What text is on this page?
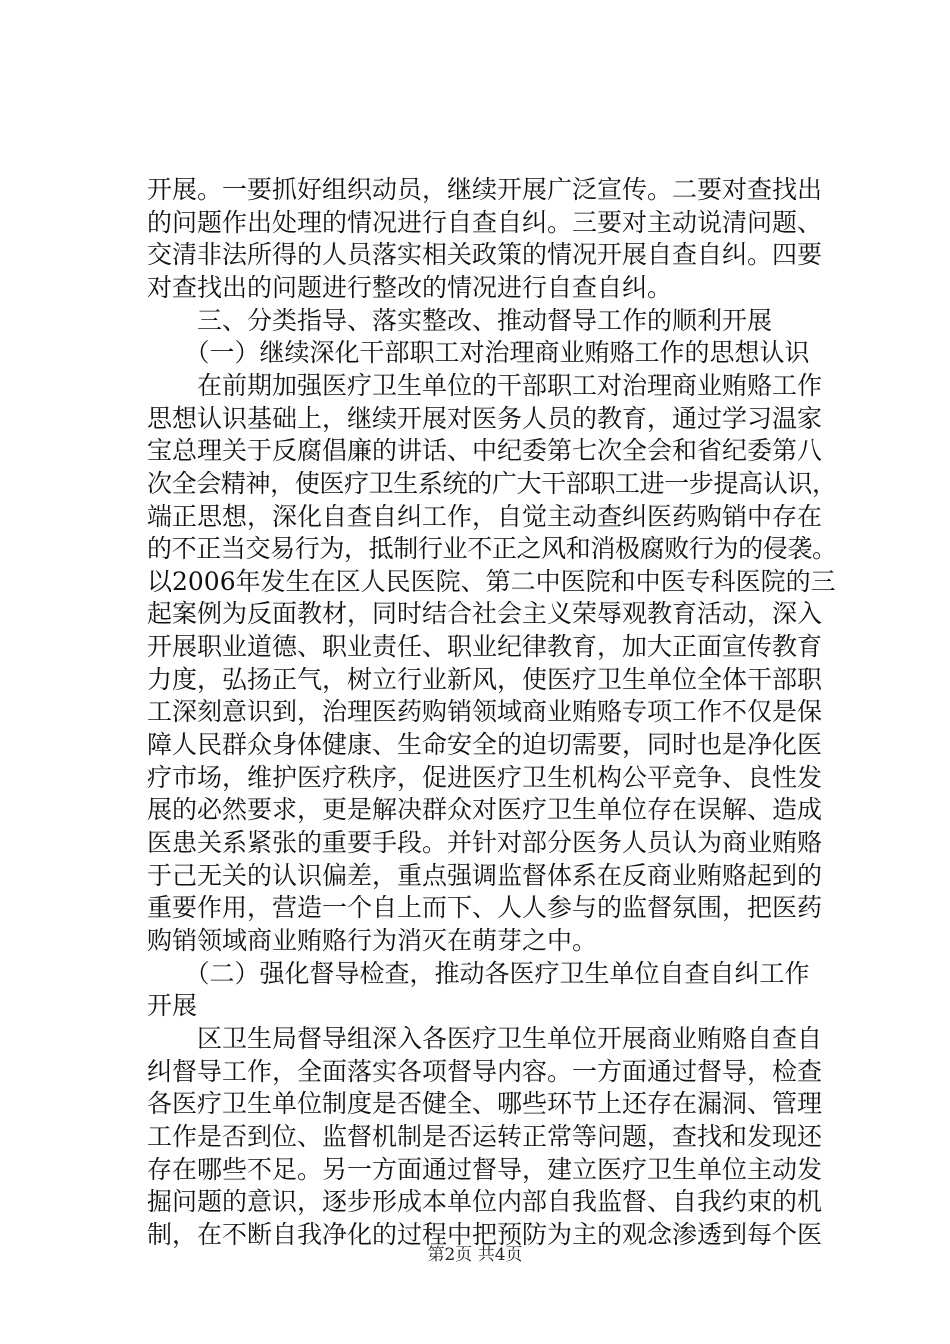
开展。一要抓好组织动员，继续开展广泛宣传。二要对查找出
的问题作出处理的情况进行自查自纠。三要对主动说清问题、
交清非法所得的人员落实相关政策的情况开展自查自纠。四要
对查找出的问题进行整改的情况进行自查自纠。
　　三、分类指导、落实整改、推动督导工作的顺利开展
　　（一）继续深化干部职工对治理商业贿赂工作的思想认识
　　在前期加强医疗卫生单位的干部职工对治理商业贿赂工作
思想认识基础上，继续开展对医务人员的教育，通过学习温家
宝总理关于反腐倡廉的讲话、中纪委第七次全会和省纪委第八
次全会精神，使医疗卫生系统的广大干部职工进一步提高认识，
端正思想，深化自查自纠工作，自觉主动查纠医药购销中存在
的不正当交易行为，抵制行业不正之风和消极腐败行为的侵袭。
以2006年发生在区人民医院、第二中医院和中医专科医院的三
起案例为反面教材，同时结合社会主义荣辱观教育活动，深入
开展职业道德、职业责任、职业纪律教育，加大正面宣传教育
力度，弘扬正气，树立行业新风，使医疗卫生单位全体干部职
工深刻意识到，治理医药购销领域商业贿赂专项工作不仅是保
障人民群众身体健康、生命安全的迫切需要，同时也是净化医
疗市场，维护医疗秩序，促进医疗卫生机构公平竞争、良性发
展的必然要求，更是解决群众对医疗卫生单位存在误解、造成
医患关系紧张的重要手段。并针对部分医务人员认为商业贿赂
于己无关的认识偏差，重点强调监督体系在反商业贿赂起到的
重要作用，营造一个自上而下、人人参与的监督氛围，把医药
购销领域商业贿赂行为消灭在萌芽之中。
　　（二）强化督导检查，推动各医疗卫生单位自查自纠工作
开展
　　区卫生局督导组深入各医疗卫生单位开展商业贿赂自查自
纠督导工作，全面落实各项督导内容。一方面通过督导，检查
各医疗卫生单位制度是否健全、哪些环节上还存在漏洞、管理
工作是否到位、监督机制是否运转正常等问题，查找和发现还
存在哪些不足。另一方面通过督导，建立医疗卫生单位主动发
掘问题的意识，逐步形成本单位内部自我监督、自我约束的机
制，在不断自我净化的过程中把预防为主的观念渗透到每个医
第2页 共4页
